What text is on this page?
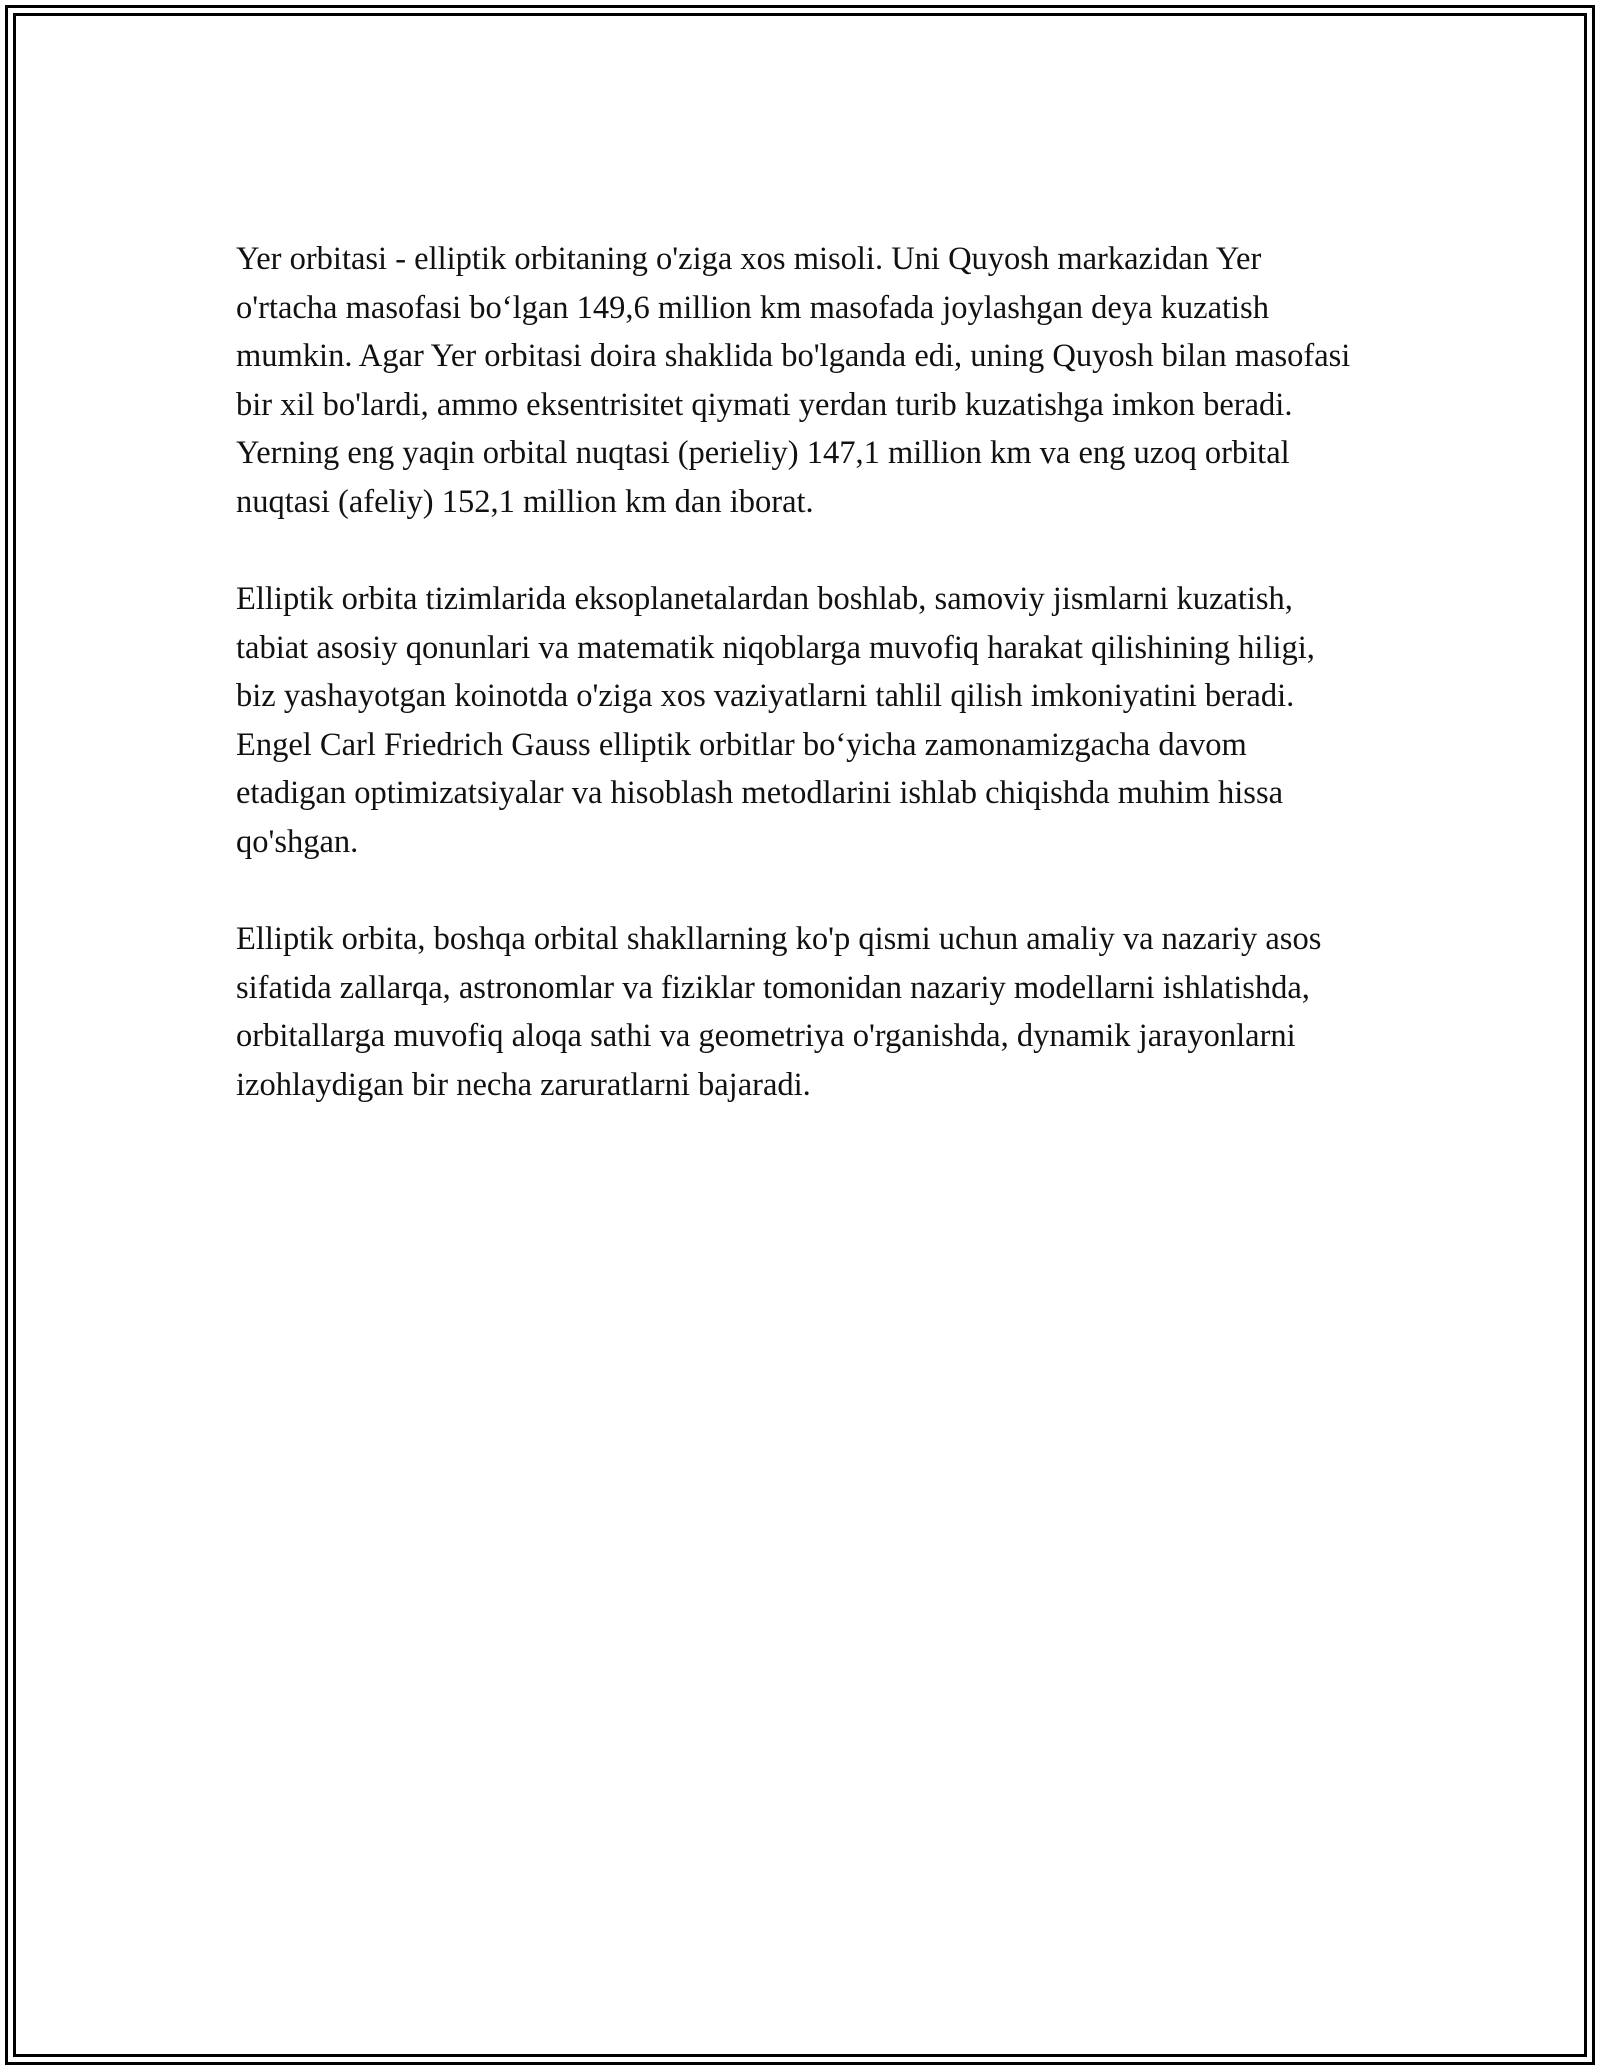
Yer orbitasi - elliptik orbitaning o'ziga xos misoli. Uni Quyosh markazidan Yer o'rtacha masofasi bo‘lgan 149,6 million km masofada joylashgan deya kuzatish mumkin. Agar Yer orbitasi doira shaklida bo'lganda edi, uning Quyosh bilan masofasi bir xil bo'lardi, ammo eksentrisitet qiymati yerdan turib kuzatishga imkon beradi. Yerning eng yaqin orbital nuqtasi (perieliy) 147,1 million km va eng uzoq orbital nuqtasi (afeliy) 152,1 million km dan iborat.

Elliptik orbita tizimlarida eksoplanetalardan boshlab, samoviy jismlarni kuzatish, tabiat asosiy qonunlari va matematik niqoblarga muvofiq harakat qilishining hiligi, biz yashayotgan koinotda o'ziga xos vaziyatlarni tahlil qilish imkoniyatini beradi. Engel Carl Friedrich Gauss elliptik orbitlar bo‘yicha zamonamizgacha davom etadigan optimizatsiyalar va hisoblash metodlarini ishlab chiqishda muhim hissa qo'shgan.

Elliptik orbita, boshqa orbital shakllarning ko'p qismi uchun amaliy va nazariy asos sifatida zallarqa, astronomlar va fiziklar tomonidan nazariy modellarni ishlatishda, orbitallarga muvofiq aloqa sathi va geometriya o'rganishda, dynamik jarayonlarni izohlaydigan bir necha zaruratlarni bajaradi.
